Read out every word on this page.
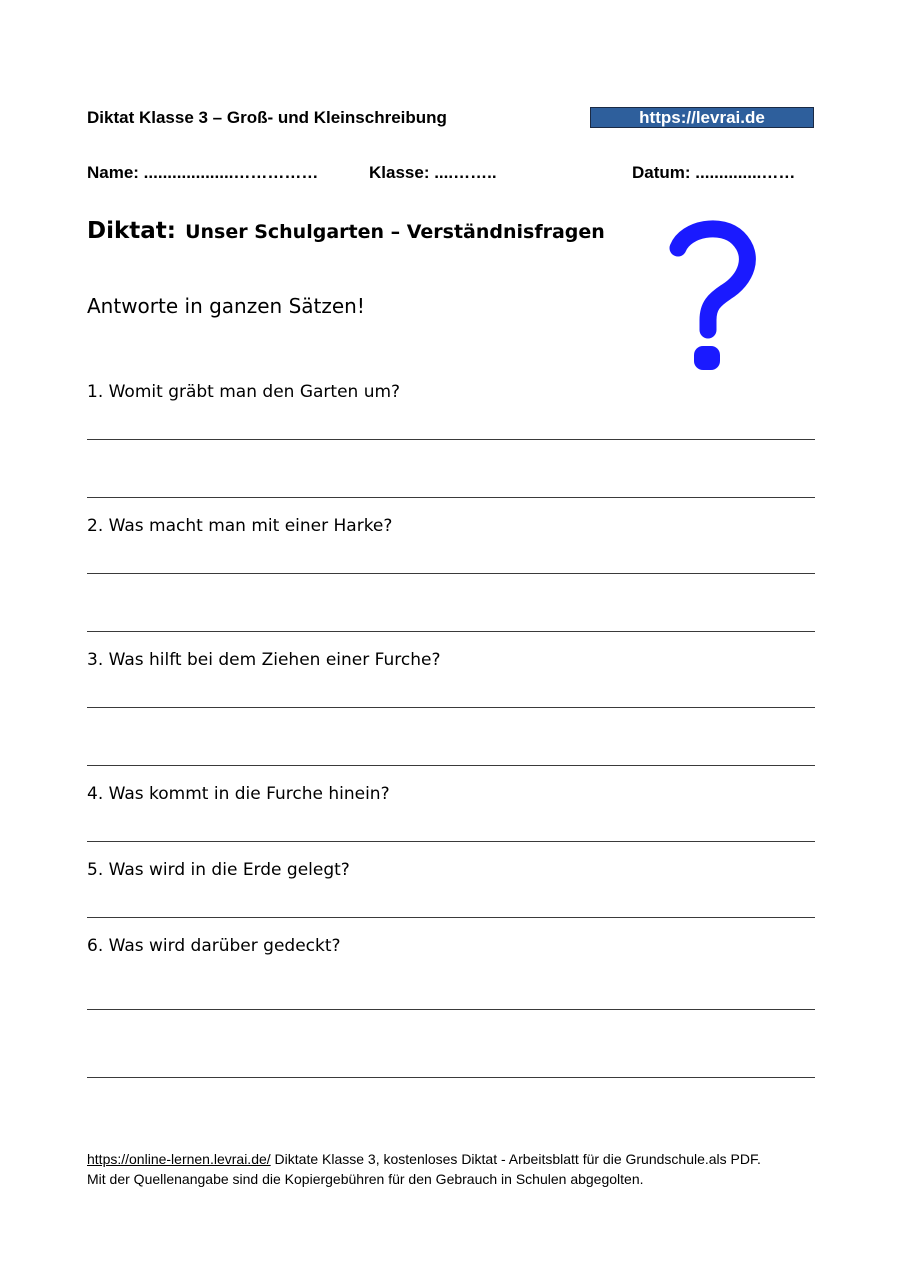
Diktat Klasse 3 – Groß- und Kleinschreibung	https://levrai.de
Name: ...................……………	Klasse: ....……..	Datum: ..............……
Diktat: Unser Schulgarten – Verständnisfragen
Antworte in ganzen Sätzen!
1. Womit gräbt man den Garten um?
2. Was macht man mit einer Harke?
3. Was hilft bei dem Ziehen einer Furche?
4. Was kommt in die Furche hinein?
5. Was wird in die Erde gelegt?
6. Was wird darüber gedeckt?
https://online-lernen.levrai.de/ Diktate Klasse 3, kostenloses Diktat - Arbeitsblatt für die Grundschule.als PDF.
Mit der Quellenangabe sind die Kopiergebühren für den Gebrauch in Schulen abgegolten.
